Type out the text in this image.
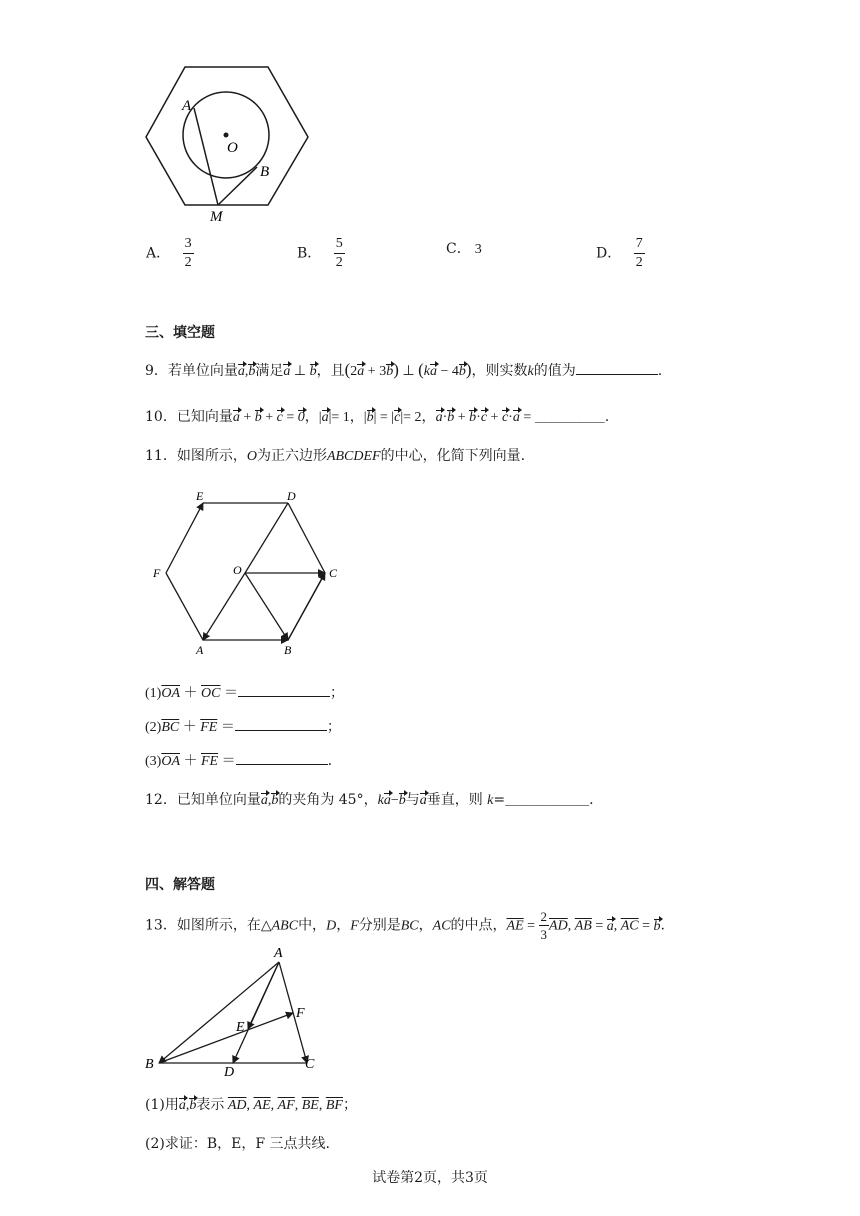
A
O
B
M
A． $\frac{3}{2}$	B． $\frac{5}{2}$	C． 3	D． $\frac{7}{2}$
三、填空题
9．若单位向量a,b满足a ⊥ b，且(2a + 3b) ⊥ (ka − 4b)，则实数k的值为	.
10．已知向量a + b + c = 0，|a|= 1，|b| = |c|= 2，a·b + b·c + c·a = ＿＿＿＿＿.
11．如图所示，O为正六边形ABCDEF的中心，化简下列向量.
E	D
F	O	C
A	B
$(1)\overline{OA} + \overline{OC}$ ＝	；
$(2)\overline{BC} + \overline{FE}$ ＝	；
$(3)\overline{OA} + \overline{FE}$ ＝	.
12．已知单位向量a,b的夹角为 45°，ka−b与a垂直，则 k=＿＿＿＿＿＿.
四、解答题
13．如图所示，在△ABC中，D，F分别是BC，AC的中点，$\overline{AE} = \frac{2}{3} \overline{AD}$, $\overline{AB} = a$, $\overline{AC} = b$.
A
F
E
B
D
C
(1)用a,b表示 $\overline{AD}$, $\overline{AE}$, $\overline{AF}$, $\overline{BE}$, $\overline{BF}$；
(2)求证：B，E，F 三点共线.
试卷第2页，共3页
